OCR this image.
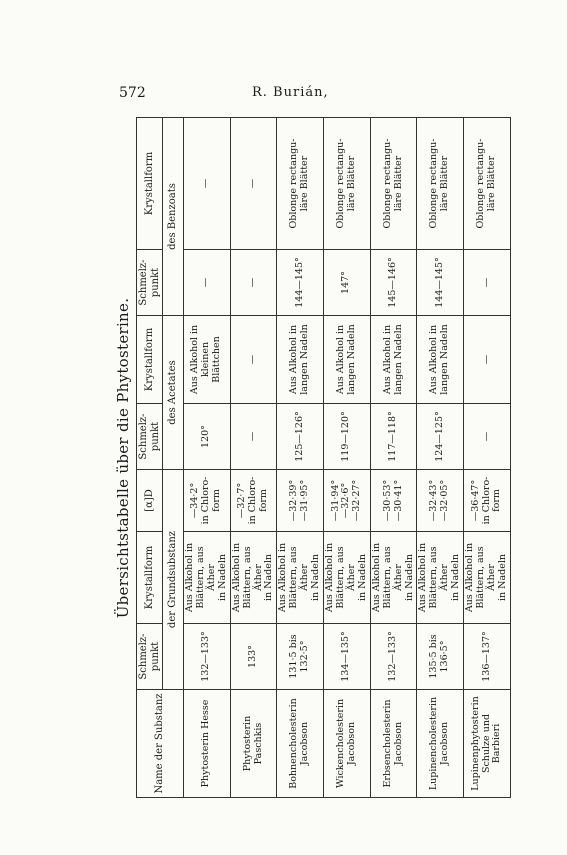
572	R. Burián,
Übersichtstabelle über die Phytosterine.
Name der Substanz	Schmelz-
punkt	Krystallform	[α]D	Schmelz-
punkt	Krystallform	Schmelz-
punkt	Krystallform
	der Grundsubstanz			des Acetates		des Benzoats	
Phytosterin Hesse	132—133°	Aus Alkohol in
Blättern, aus Äther
in Nadeln	—34·2°
in Chloro-
form	120°	Aus Alkohol in
kleinen
Blättchen	—	—
Phytosterin
Paschkis	133°	Aus Alkohol in
Blättern, aus Äther
in Nadeln	—32·7°
in Chloro-
form	—	—	—	—
Bohnencholesterin
Jacobson	131·5 bis
132·5°	Aus Alkohol in
Blättern, aus Äther
in Nadeln	—32·39°
—31·95°	125—126°	Aus Alkohol in
langen Nadeln	144—145°	Oblonge rectangu-
läre Blätter
Wickencholesterin
Jacobson	134—135°	Aus Alkohol in
Blättern, aus Äther
in Nadeln	—31·94°
—32·6°
—32·27°	119—120°	Aus Alkohol in
langen Nadeln	147°	Oblonge rectangu-
läre Blätter
Erbsencholesterin
Jacobson	132—133°	Aus Alkohol in
Blättern, aus Äther
in Nadeln	—30·53°
—30·41°	117—118°	Aus Alkohol in
langen Nadeln	145—146°	Oblonge rectangu-
läre Blätter
Lupinencholesterin
Jacobson	135·5 bis
136·5°	Aus Alkohol in
Blättern, aus Äther
in Nadeln	—32·43°
—32·05°	124—125°	Aus Alkohol in
langen Nadeln	144—145°	Oblonge rectangu-
läre Blätter
Lupinenphytosterin
Schulze und
Barbieri	136—137°	Aus Alkohol in
Blättern, aus Äther
in Nadeln	—36·47°
in Chloro-
form	—	—	—	Oblonge rectangu-
läre Blätter
